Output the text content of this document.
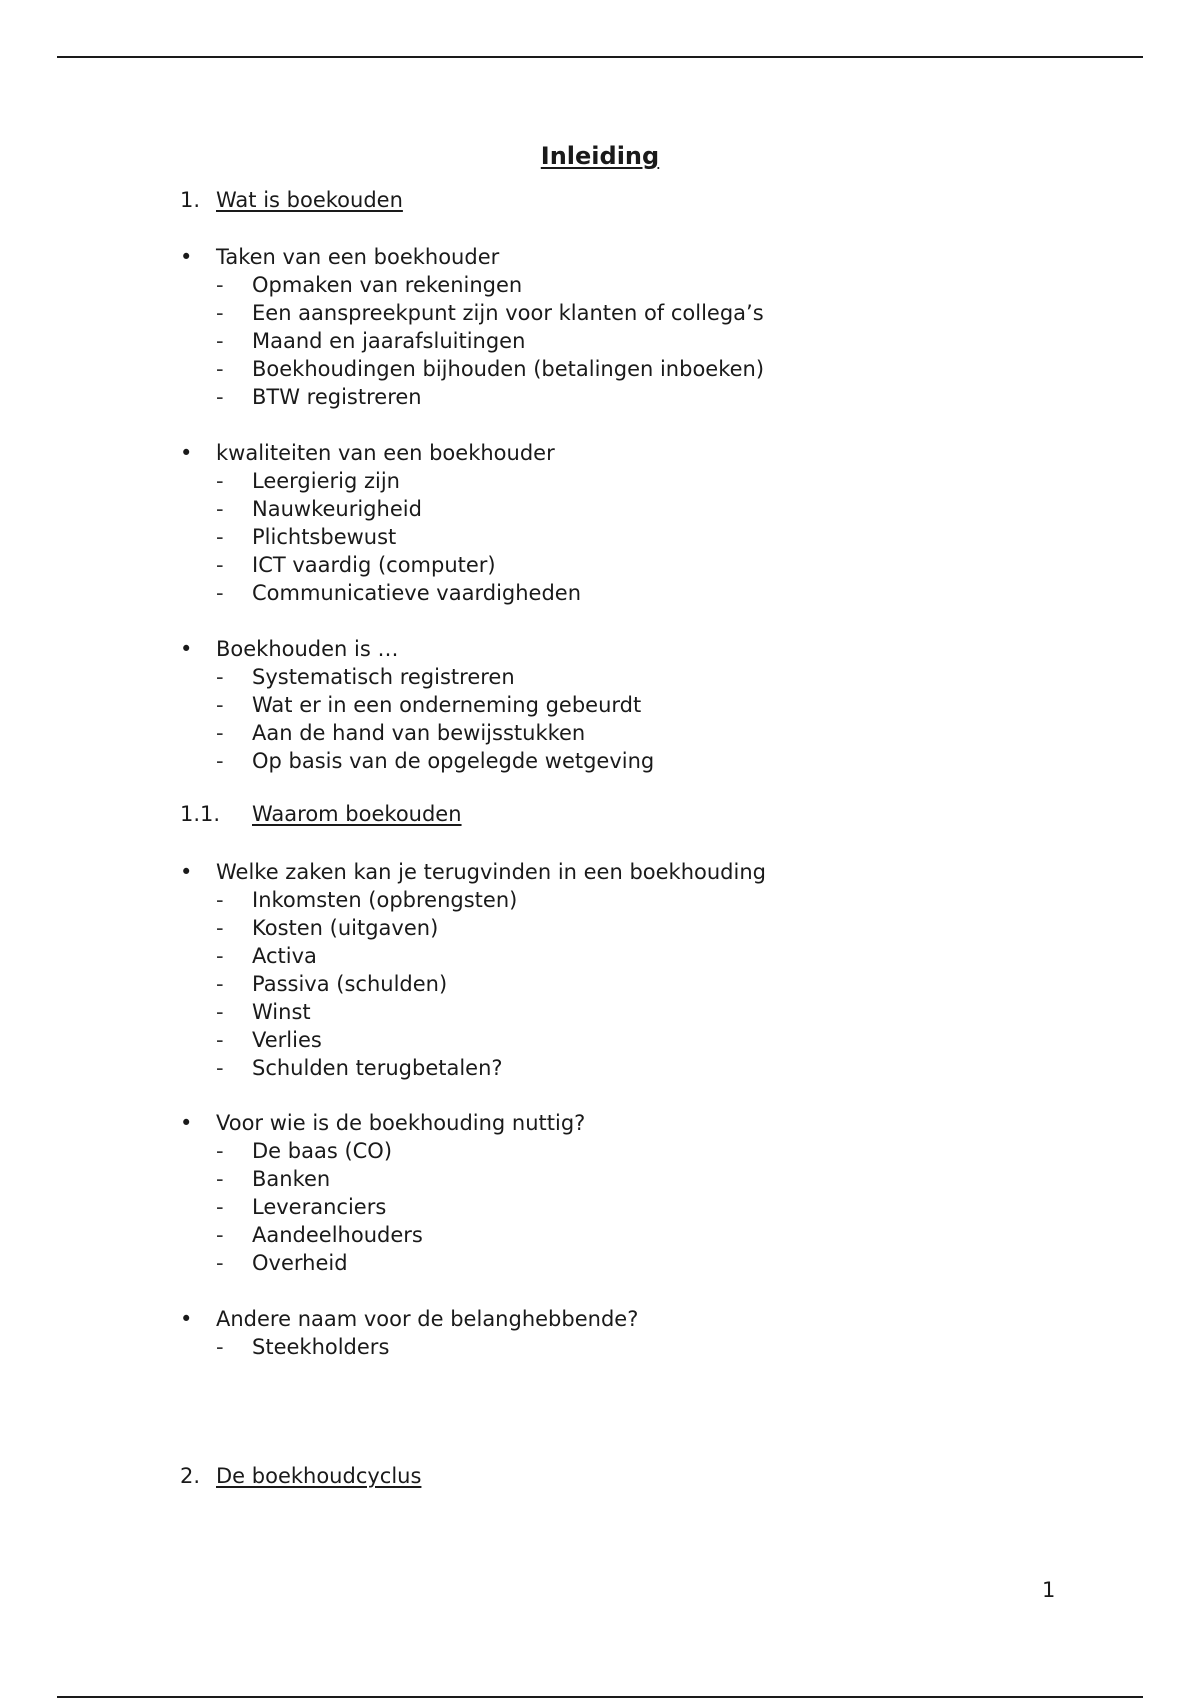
Inleiding
1. Wat is boekouden
•	Taken van een boekhouder
- Opmaken van rekeningen
- Een aanspreekpunt zijn voor klanten of collega’s
- Maand en jaarafsluitingen
- Boekhoudingen bijhouden (betalingen inboeken)
- BTW registreren
•	kwaliteiten van een boekhouder
- Leergierig zijn
- Nauwkeurigheid
- Plichtsbewust
- ICT vaardig (computer)
- Communicatieve vaardigheden
•	Boekhouden is …
- Systematisch registreren
- Wat er in een onderneming gebeurdt
- Aan de hand van bewijsstukken
- Op basis van de opgelegde wetgeving
1.1. Waarom boekouden
•	Welke zaken kan je terugvinden in een boekhouding
- Inkomsten (opbrengsten)
- Kosten (uitgaven)
- Activa
- Passiva (schulden)
- Winst
- Verlies
- Schulden terugbetalen?
•	Voor wie is de boekhouding nuttig?
- De baas (CO)
- Banken
- Leveranciers
- Aandeelhouders
- Overheid
•	Andere naam voor de belanghebbende?
- Steekholders
2. De boekhoudcyclus
1
